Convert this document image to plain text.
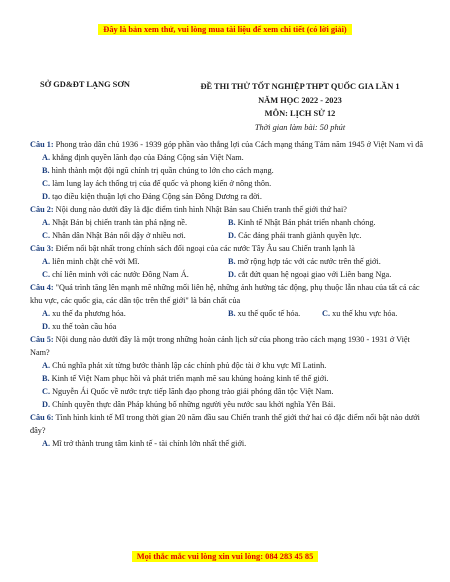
Đây là bản xem thử, vui lòng mua tài liệu để xem chi tiết (có lời giải)
SỞ GD&ĐT LẠNG SƠN	ĐỀ THI THỬ TỐT NGHIỆP THPT QUỐC GIA LẦN 1
NĂM HỌC 2022 - 2023
MÔN: LỊCH SỬ 12
Thời gian làm bài: 50 phút

Câu 1: Phong trào dân chủ 1936 - 1939 góp phần vào thắng lợi của Cách mạng tháng Tám năm 1945 ở Việt Nam vì đã

A. khẳng định quyền lãnh đạo của Đảng Cộng sản Việt Nam.

B. hình thành một đội ngũ chính trị quần chúng to lớn cho cách mạng.

C. làm lung lay ách thống trị của đế quốc và phong kiến ở nông thôn.

D. tạo điều kiện thuận lợi cho Đảng Cộng sản Đông Dương ra đời.

Câu 2: Nội dung nào dưới đây là đặc điểm tình hình Nhật Bản sau Chiến tranh thế giới thứ hai?

A. Nhật Bản bị chiến tranh tàn phá nặng nề.	B. Kinh tế Nhật Bản phát triển nhanh chóng.
C. Nhân dân Nhật Bản nổi dậy ở nhiều nơi.	D. Các đảng phái tranh giành quyền lực.

Câu 3: Điểm nổi bật nhất trong chính sách đối ngoại của các nước Tây Âu sau Chiến tranh lạnh là

A. liên minh chặt chẽ với Mĩ.	B. mở rộng hợp tác với các nước trên thế giới.
C. chỉ liên minh với các nước Đông Nam Á.	D. cắt đứt quan hệ ngoại giao với Liên bang Nga.

Câu 4: "Quá trình tăng lên mạnh mẽ những mối liên hệ, những ảnh hưởng tác động, phụ thuộc lẫn nhau của tất cả các khu vực, các quốc gia, các dân tộc trên thế giới" là bản chất của

A. xu thế đa phương hóa.	B. xu thế quốc tế hóa.	C. xu thế khu vực hóa.

D. xu thế toàn cầu hóa

Câu 5: Nội dung nào dưới đây là một trong những hoàn cảnh lịch sử của phong trào cách mạng 1930 - 1931 ở Việt Nam?

A. Chủ nghĩa phát xít từng bước thành lập các chính phủ độc tài ở khu vực Mĩ Latinh.

B. Kinh tế Việt Nam phục hồi và phát triển mạnh mẽ sau khủng hoảng kinh tế thế giới.

C. Nguyễn Ái Quốc về nước trực tiếp lãnh đạo phong trào giải phóng dân tộc Việt Nam.

D. Chính quyền thực dân Pháp khủng bố những người yêu nước sau khởi nghĩa Yên Bái.

Câu 6: Tình hình kinh tế Mĩ trong thời gian 20 năm đầu sau Chiến tranh thế giới thứ hai có đặc điểm nổi bật nào dưới đây?

A. Mĩ trở thành trung tâm kinh tế - tài chính lớn nhất thế giới.

Mọi thắc mắc vui lòng xin vui lòng: 084 283 45 85
